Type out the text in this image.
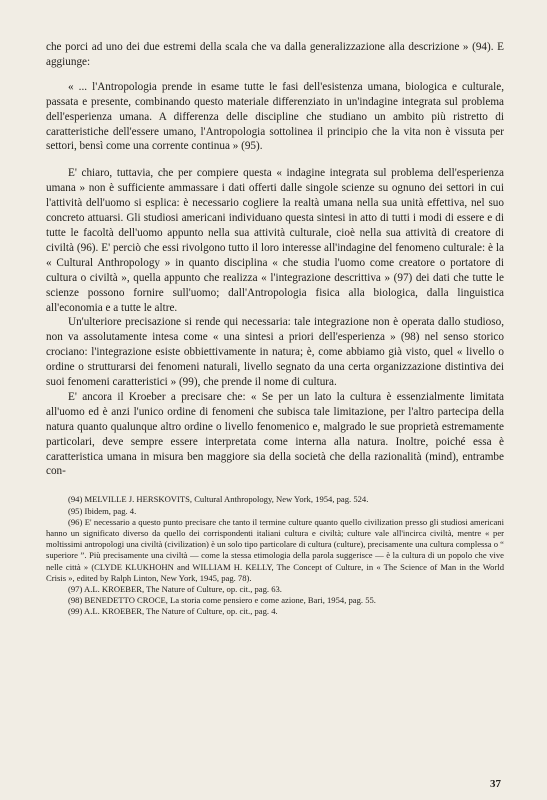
che porci ad uno dei due estremi della scala che va dalla generalizzazione alla descrizione » (94). E aggiunge:

« ... l'Antropologia prende in esame tutte le fasi dell'esistenza umana, biologica e culturale, passata e presente, combinando questo materiale differenziato in un'indagine integrata sul problema dell'esperienza umana. A differenza delle discipline che studiano un ambito più ristretto di caratteristiche dell'essere umano, l'Antropologia sottolinea il principio che la vita non è vissuta per settori, bensì come una corrente continua » (95).

E' chiaro, tuttavia, che per compiere questa « indagine integrata sul problema dell'esperienza umana » non è sufficiente ammassare i dati offerti dalle singole scienze su ognuno dei settori in cui l'attività dell'uomo si esplica: è necessario cogliere la realtà umana nella sua unità effettiva, nel suo concreto attuarsi. Gli studiosi americani individuano questa sintesi in atto di tutti i modi di essere e di tutte le facoltà dell'uomo appunto nella sua attività culturale, cioè nella sua attività di creatore di civiltà (96). E' perciò che essi rivolgono tutto il loro interesse all'indagine del fenomeno culturale: è la « Cultural Anthropology » in quanto disciplina « che studia l'uomo come creatore o portatore di cultura o civiltà », quella appunto che realizza « l'integrazione descrittiva » (97) dei dati che tutte le scienze possono fornire sull'uomo; dall'Antropologia fisica alla biologica, dalla linguistica all'economia e a tutte le altre.

Un'ulteriore precisazione si rende qui necessaria: tale integrazione non è operata dallo studioso, non va assolutamente intesa come « una sintesi a priori dell'esperienza » (98) nel senso storico crociano: l'integrazione esiste obbiettivamente in natura; è, come abbiamo già visto, quel « livello o ordine o strutturarsi dei fenomeni naturali, livello segnato da una certa organizzazione distintiva dei suoi fenomeni caratteristici » (99), che prende il nome di cultura.

E' ancora il Kroeber a precisare che: « Se per un lato la cultura è essenzialmente limitata all'uomo ed è anzi l'unico ordine di fenomeni che subisca tale limitazione, per l'altro partecipa della natura quanto qualunque altro ordine o livello fenomenico e, malgrado le sue proprietà estremamente particolari, deve sempre essere interpretata come interna alla natura. Inoltre, poiché essa è caratteristica umana in misura ben maggiore sia della società che della razionalità (mind), entrambe con-

(94) MELVILLE J. HERSKOVITS, Cultural Anthropology, New York, 1954, pag. 524.

(95) Ibidem, pag. 4.

(96) E' necessario a questo punto precisare che tanto il termine culture quanto quello civilization presso gli studiosi americani hanno un significato diverso da quello dei corrispondenti italiani cultura e civiltà; culture vale all'incirca civiltà, mentre « per moltissimi antropologi una civiltà (civilization) è un solo tipo particolare di cultura (culture), precisamente una cultura complessa o “ superiore ”. Più precisamente una civiltà — come la stessa etimologia della parola suggerisce — è la cultura di un popolo che vive nelle città » (CLYDE KLUKHOHN and WILLIAM H. KELLY, The Concept of Culture, in « The Science of Man in the World Crisis », edited by Ralph Linton, New York, 1945, pag. 78).

(97) A.L. KROEBER, The Nature of Culture, op. cit., pag. 63.

(98) BENEDETTO CROCE, La storia come pensiero e come azione, Bari, 1954, pag. 55.

(99) A.L. KROEBER, The Nature of Culture, op. cit., pag. 4.

37
